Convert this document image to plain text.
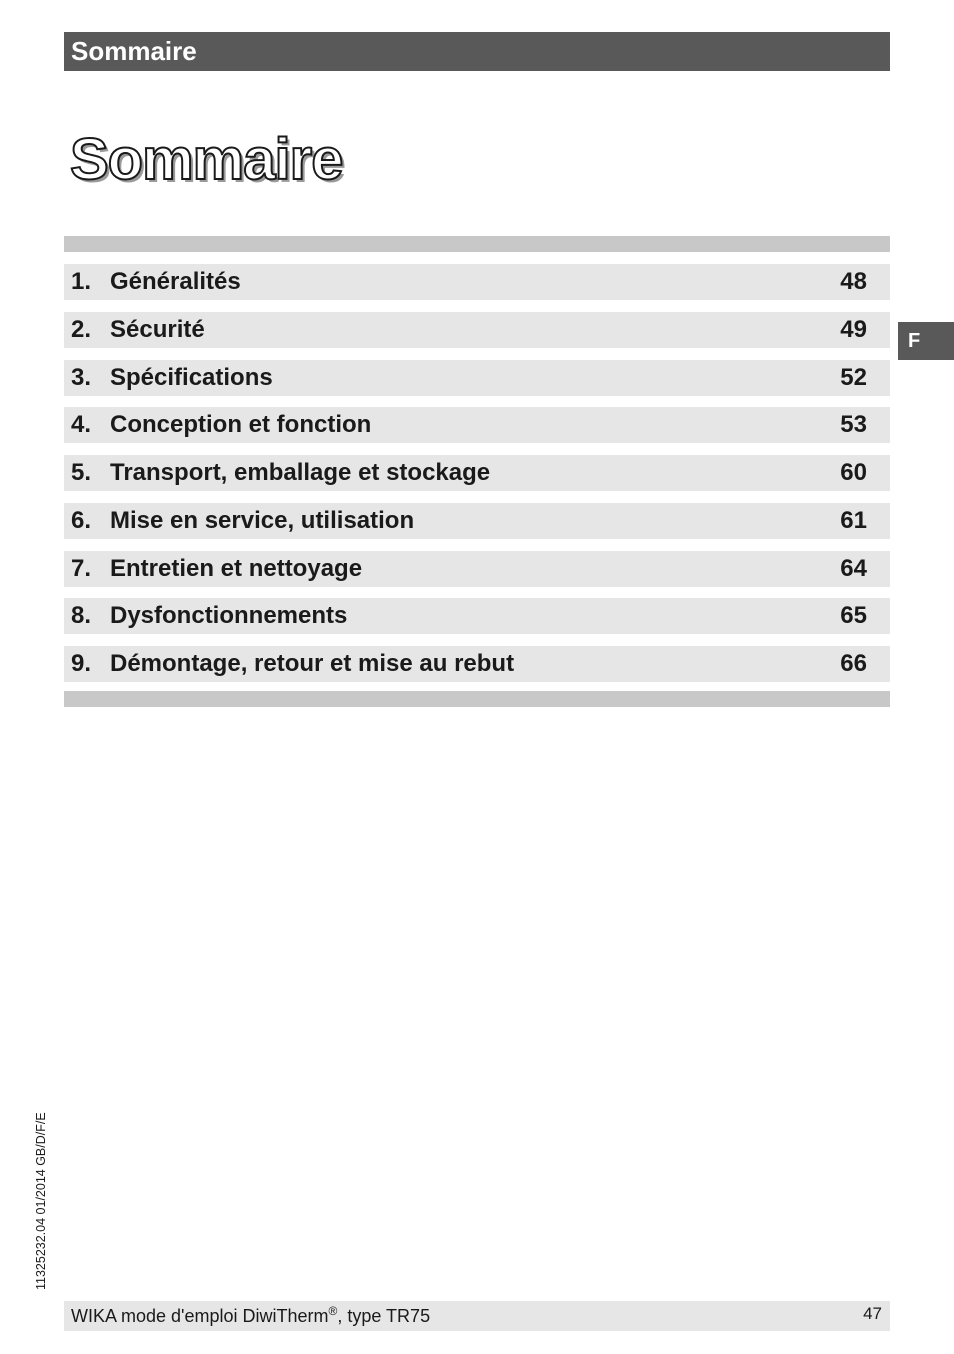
Sommaire
Sommaire
1. Généralités	48
2. Sécurité	49
3. Spécifications	52
4. Conception et fonction	53
5. Transport, emballage et stockage	60
6. Mise en service, utilisation	61
7. Entretien et nettoyage	64
8. Dysfonctionnements	65
9. Démontage, retour et mise au rebut	66
F
11325232.04 01/2014 GB/D/F/E
WIKA mode d'emploi DiwiTherm®, type TR75	47
